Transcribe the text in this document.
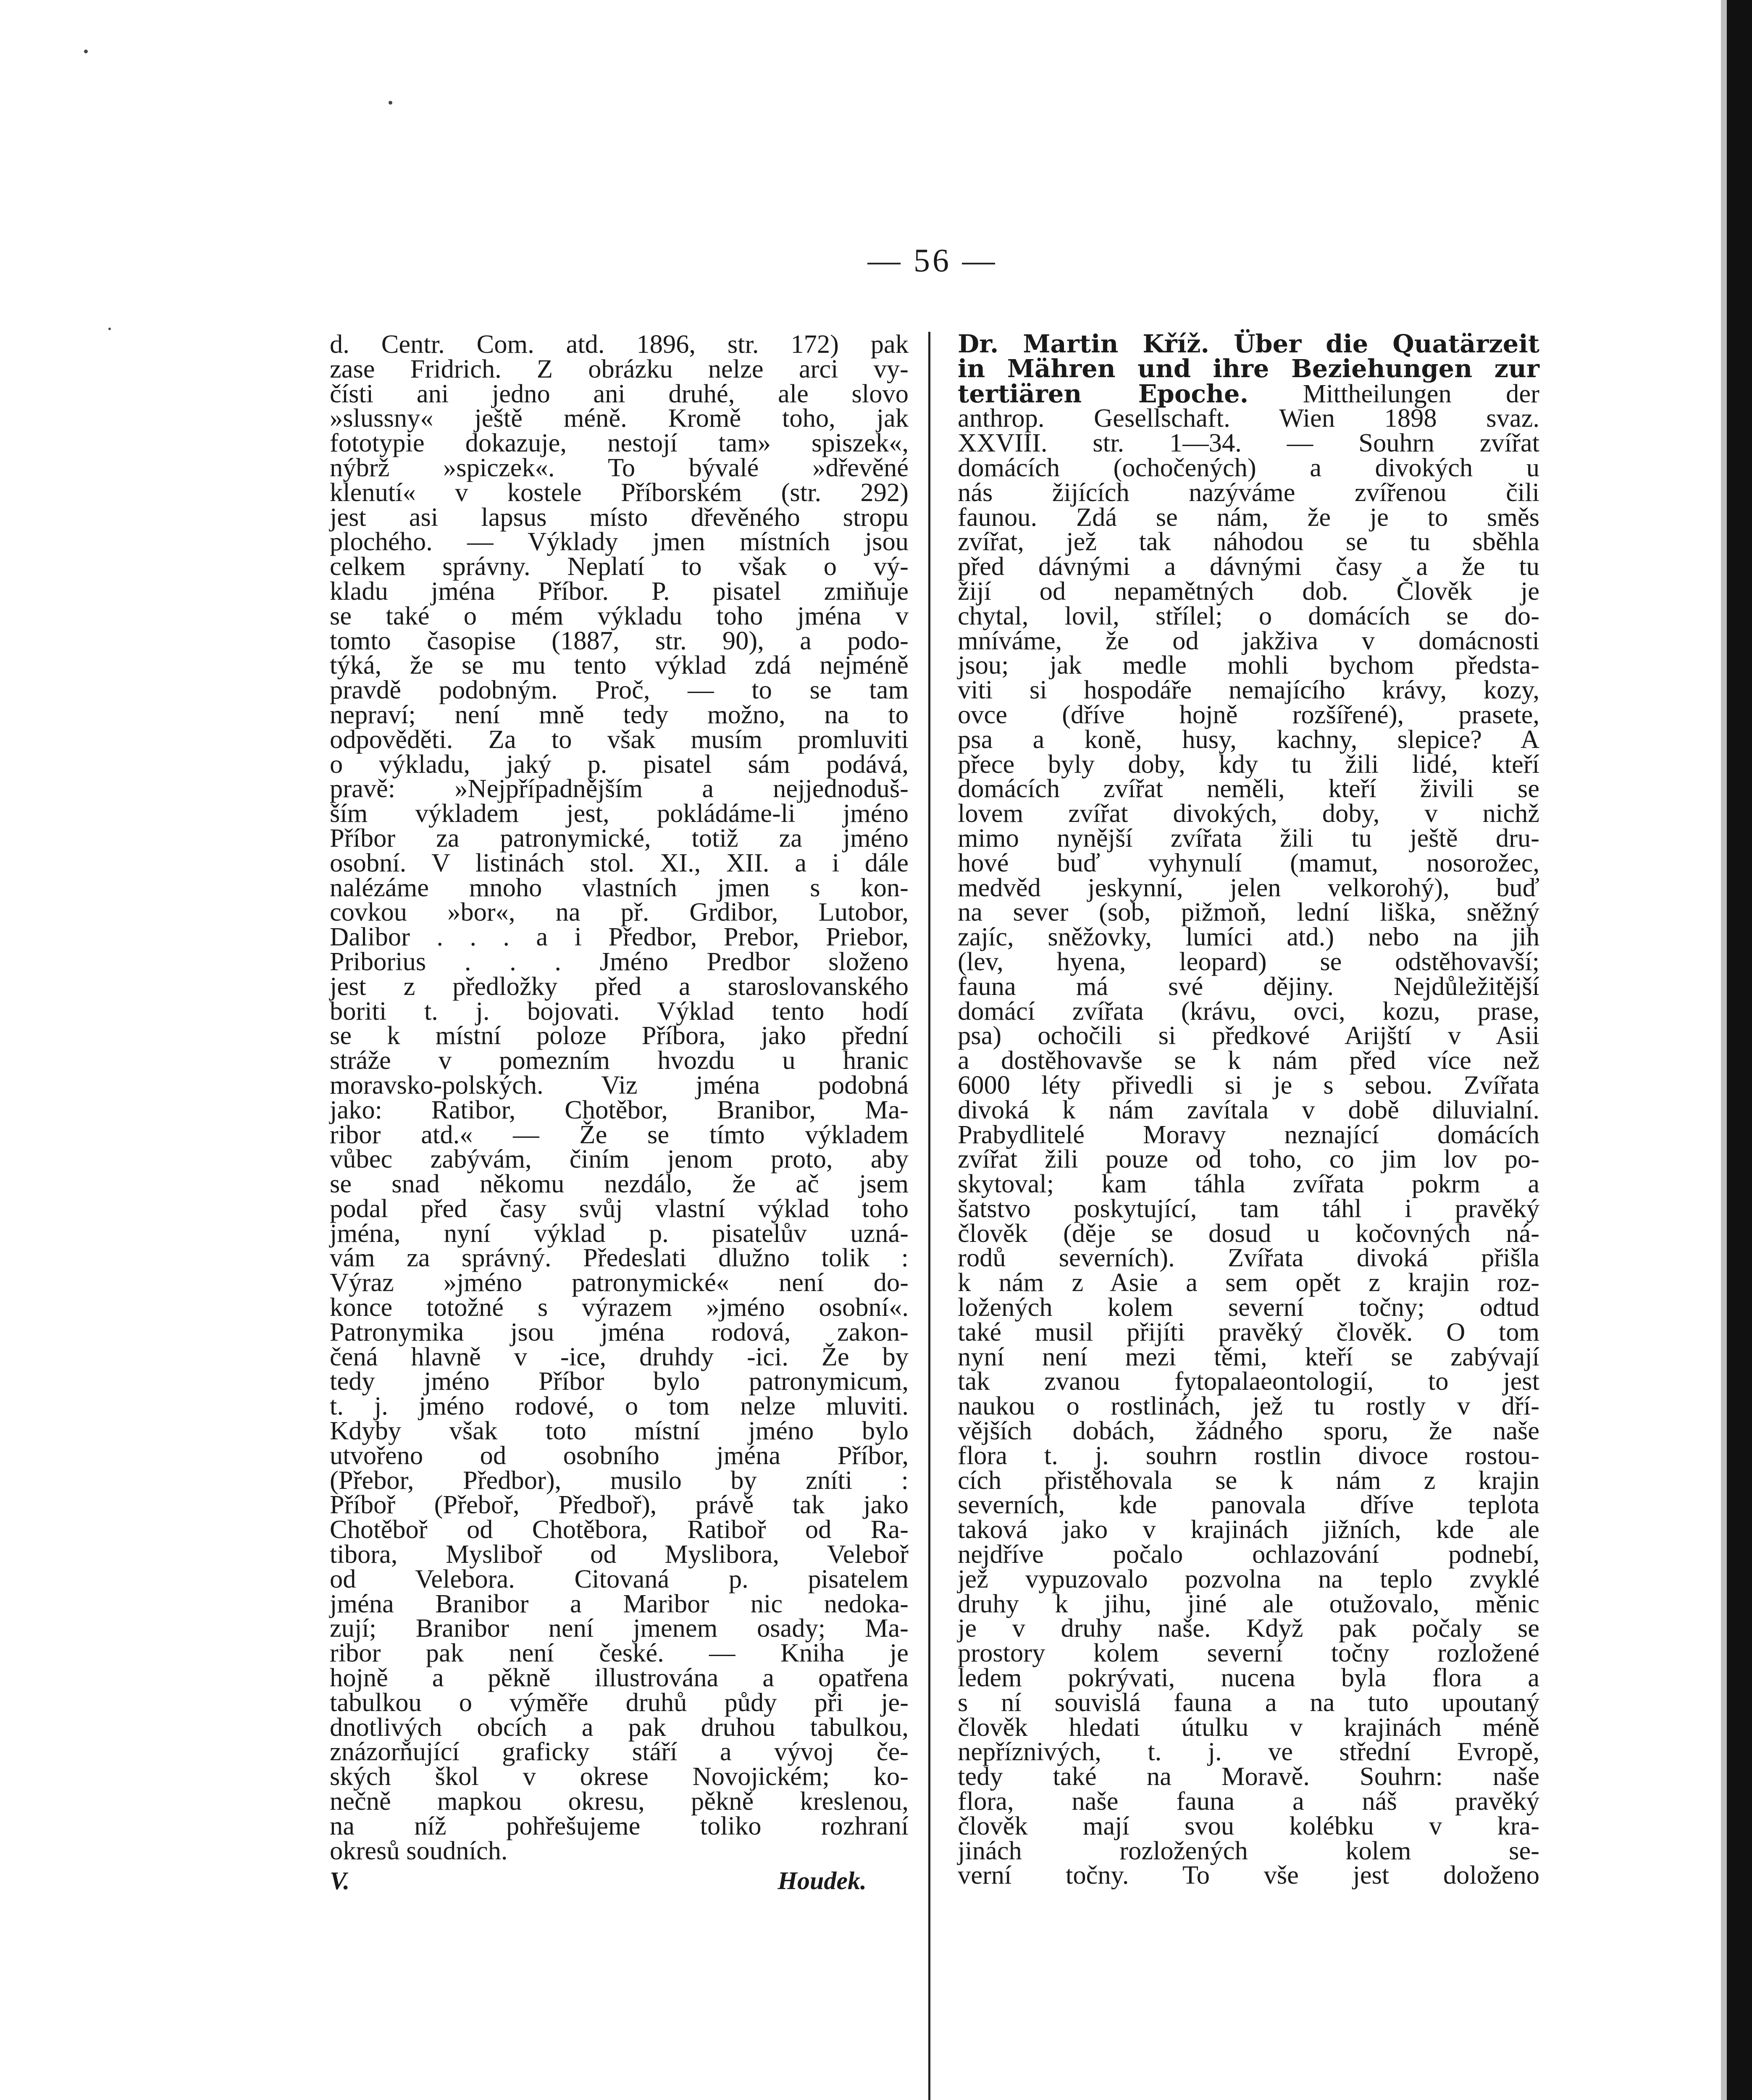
— 56 —
d. Centr. Com. atd. 1896, str. 172) pak
zase Fridrich. Z obrázku nelze arci vy-
čísti ani jedno ani druhé, ale slovo
»slussny« ještě méně. Kromě toho, jak
fototypie dokazuje, nestojí tam» spiszek«,
nýbrž »spiczek«. To bývalé »dřevěné
klenutí« v kostele Příborském (str. 292)
jest asi lapsus místo dřevěného stropu
plochého. — Výklady jmen místních jsou
celkem správny. Neplatí to však o vý-
kladu jména Příbor. P. pisatel zmiňuje
se také o mém výkladu toho jména v
tomto časopise (1887, str. 90), a podo-
týká, že se mu tento výklad zdá nejméně
pravdě podobným. Proč, — to se tam
nepraví; není mně tedy možno, na to
odpověděti. Za to však musím promluviti
o výkladu, jaký p. pisatel sám podává,
pravě: »Nejpřípadnějším a nejjednoduš-
ším výkladem jest, pokládáme-li jméno
Příbor za patronymické, totiž za jméno
osobní. V listinách stol. XI., XII. a i dále
nalézáme mnoho vlastních jmen s kon-
covkou »bor«, na př. Grdibor, Lutobor,
Dalibor . . . a i Předbor, Prebor, Priebor,
Priborius . . . Jméno Predbor složeno
jest z předložky před a staroslovanského
boriti t. j. bojovati. Výklad tento hodí
se k místní poloze Příbora, jako přední
stráže v pomezním hvozdu u hranic
moravsko-polských. Viz jména podobná
jako: Ratibor, Chotěbor, Branibor, Ma-
ribor atd.« — Že se tímto výkladem
vůbec zabývám, činím jenom proto, aby
se snad někomu nezdálo, že ač jsem
podal před časy svůj vlastní výklad toho
jména, nyní výklad p. pisatelův uzná-
vám za správný. Předeslati dlužno tolik :
Výraz »jméno patronymické« není do-
konce totožné s výrazem »jméno osobní«.
Patronymika jsou jména rodová, zakon-
čená hlavně v -ice, druhdy -ici. Že by
tedy jméno Příbor bylo patronymicum,
t. j. jméno rodové, o tom nelze mluviti.
Kdyby však toto místní jméno bylo
utvořeno od osobního jména Příbor,
(Přebor, Předbor), musilo by zníti :
Příboř (Přeboř, Předboř), právě tak jako
Chotěboř od Chotěbora, Ratiboř od Ra-
tibora, Mysliboř od Myslibora, Veleboř
od Velebora. Citovaná p. pisatelem
jména Branibor a Maribor nic nedoka-
zují; Branibor není jmenem osady; Ma-
ribor pak není české. — Kniha je
hojně a pěkně illustrována a opatřena
tabulkou o výměře druhů půdy při je-
dnotlivých obcích a pak druhou tabulkou,
znázorňující graficky stáří a vývoj če-
ských škol v okrese Novojickém; ko-
nečně mapkou okresu, pěkně kreslenou,
na níž pohřešujeme toliko rozhraní
okresů soudních.
V. Houdek.
Dr. Martin Kříž. Über die Quatärzeit
in Mähren und ihre Beziehungen zur
tertiären Epoche. Mittheilungen der
anthrop. Gesellschaft. Wien 1898 svaz.
XXVIII. str. 1—34. — Souhrn zvířat
domácích (ochočených) a divokých u
nás žijících nazýváme zvířenou čili
faunou. Zdá se nám, že je to směs
zvířat, jež tak náhodou se tu sběhla
před dávnými a dávnými časy a že tu
žijí od nepamětných dob. Člověk je
chytal, lovil, střílel; o domácích se do-
mníváme, že od jakživa v domácnosti
jsou; jak medle mohli bychom předsta-
viti si hospodáře nemajícího krávy, kozy,
ovce (dříve hojně rozšířené), prasete,
psa a koně, husy, kachny, slepice? A
přece byly doby, kdy tu žili lidé, kteří
domácích zvířat neměli, kteří živili se
lovem zvířat divokých, doby, v nichž
mimo nynější zvířata žili tu ještě dru-
hové buď vyhynulí (mamut, nosorožec,
medvěd jeskynní, jelen velkorohý), buď
na sever (sob, pižmoň, lední liška, sněžný
zajíc, sněžovky, lumíci atd.) nebo na jih
(lev, hyena, leopard) se odstěhovavší;
fauna má své dějiny. Nejdůležitější
domácí zvířata (krávu, ovci, kozu, prase,
psa) ochočili si předkové Arijští v Asii
a dostěhovavše se k nám před více než
6000 léty přivedli si je s sebou. Zvířata
divoká k nám zavítala v době diluvialní.
Prabydlitelé Moravy neznající domácích
zvířat žili pouze od toho, co jim lov po-
skytoval; kam táhla zvířata pokrm a
šatstvo poskytující, tam táhl i pravěký
člověk (děje se dosud u kočovných ná-
rodů severních). Zvířata divoká přišla
k nám z Asie a sem opět z krajin roz-
ložených kolem severní točny; odtud
také musil přijíti pravěký člověk. O tom
nyní není mezi těmi, kteří se zabývají
tak zvanou fytopalaeontologií, to jest
naukou o rostlinách, jež tu rostly v dří-
vějších dobách, žádného sporu, že naše
flora t. j. souhrn rostlin divoce rostou-
cích přistěhovala se k nám z krajin
severních, kde panovala dříve teplota
taková jako v krajinách jižních, kde ale
nejdříve počalo ochlazování podnebí,
jež vypuzovalo pozvolna na teplo zvyklé
druhy k jihu, jiné ale otužovalo, měnic
je v druhy naše. Když pak počaly se
prostory kolem severní točny rozložené
ledem pokrývati, nucena byla flora a
s ní souvislá fauna a na tuto upoutaný
člověk hledati útulku v krajinách méně
nepříznivých, t. j. ve střední Evropě,
tedy také na Moravě. Souhrn: naše
flora, naše fauna a náš pravěký
člověk mají svou kolébku v kra-
jinách rozložených kolem se-
verní točny. To vše jest doloženo
